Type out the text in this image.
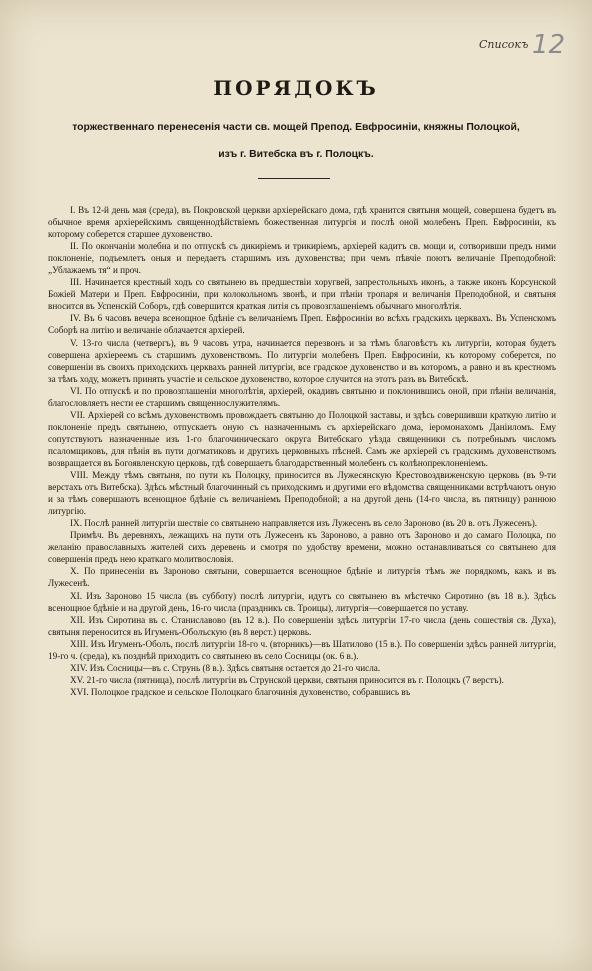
Списокъ 12
ПОРЯДОКЪ
торжественнаго перенесенія части св. мощей Препод. Евфросиніи, княжны Полоцкой,
изъ г. Витебска въ г. Полоцкъ.

I. Въ 12-й день мая (среда), въ Покровской церкви архіерейскаго дома, гдѣ хранится святыня мощей, совершена будетъ въ обычное время архіерейскимъ священнодѣйствіемъ божественная литургія и послѣ оной молебенъ Преп. Евфросиніи, къ которому соберется старшее духовенство.

II. По окончаніи молебна и по отпускѣ съ дикиріемъ и трикиріемъ, архіерей кадитъ св. мощи и, сотворивши предъ ними поклоненіе, подъемлетъ оныя и передаетъ старшимъ изъ духовенства; при чемъ пѣвчіе поютъ величаніе Преподобной: „Ублажаемъ тя“ и проч.

III. Начинается крестный ходъ со святынею въ предшествіи хоругвей, запрестольныхъ иконъ, а также иконъ Корсунской Божіей Матери и Преп. Евфросиніи, при колокольномъ звонѣ, и при пѣніи тропаря и величанія Преподобной, и святыня вносится въ Успенскій Соборъ, гдѣ совершится краткая литія съ провозглашеніемъ обычнаго многолѣтія.

IV. Въ 6 часовъ вечера всенощное бдѣніе съ величаніемъ Преп. Евфросиніи во всѣхъ градскихъ церквахъ. Въ Успенскомъ Соборѣ на литію и величаніе облачается архіерей.

V. 13-го числа (четвергъ), въ 9 часовъ утра, начинается перезвонъ и за тѣмъ благовѣстъ къ литургіи, которая будетъ совершена архіереемъ съ старшимъ духовенствомъ. По литургіи молебенъ Преп. Евфросиніи, къ которому соберется, по совершеніи въ своихъ приходскихъ церквахъ ранней литургіи, все градское духовенство и въ которомъ, а равно и въ крестномъ за тѣмъ ходу, можетъ принять участіе и сельское духовенство, которое случится на этотъ разъ въ Витебскѣ.

VI. По отпускѣ и по провозглашеніи многолѣтія, архіерей, окадивъ святыню и поклонившись оной, при пѣніи величанія, благословляетъ нести ее старшимъ священнослужителямъ.

VII. Архіерей со всѣмъ духовенствомъ провождаетъ святыню до Полоцкой заставы, и здѣсь совершивши краткую литію и поклоненіе предъ святынею, отпускаетъ оную съ назначеннымъ съ архіерейскаго дома, іеромонахомъ Даніиломъ. Ему сопутствуютъ назначенные изъ 1-го благочиническаго округа Витебскаго уѣзда священники съ потребнымъ числомъ псаломщиковъ, для пѣнія въ пути догматиковъ и другихъ церковныхъ пѣсней. Самъ же архіерей съ градскимъ духовенствомъ возвращается въ Богоявленскую церковь, гдѣ совершаетъ благодарственный молебенъ съ колѣнопреклоненіемъ.

VIII. Между тѣмъ святыня, по пути къ Полоцку, приносится въ Лужесянскую Крестовоздвиженскую церковь (въ 9-ти верстахъ отъ Витебска). Здѣсь мѣстный благочинный съ приходскимъ и другими его вѣдомства священниками встрѣчаютъ оную и за тѣмъ совершаютъ всенощное бдѣніе съ величаніемъ Преподобной; а на другой день (14-го числа, въ пятницу) раннюю литургію.

IX. Послѣ ранней литургіи шествіе со святынею направляется изъ Лужесенъ въ село Зароново (въ 20 в. отъ Лужесенъ).

Примѣч. Въ деревняхъ, лежащихъ на пути отъ Лужесенъ къ Зароново, а равно отъ Зароново и до самаго Полоцка, по желанію православныхъ жителей сихъ деревень и смотря по удобству времени, можно останавливаться со святынею для совершенія предъ нею краткаго молитвословія.

X. По принесеніи въ Зароново святыни, совершается всенощное бдѣніе и литургія тѣмъ же порядкомъ, какъ и въ Лужесенѣ.

XI. Изъ Зароново 15 числа (въ субботу) послѣ литургіи, идутъ со святынею въ мѣстечко Сиротино (въ 18 в.). Здѣсь всенощное бдѣніе и на другой день, 16-го числа (праздникъ св. Троицы), литургія—совершается по уставу.

XII. Изъ Сиротина въ с. Станиславово (въ 12 в.). По совершеніи здѣсь литургіи 17-го числа (день сошествія св. Духа), святыня переносится въ Игуменъ-Оболъскую (въ 8 верст.) церковь.

XIII. Изъ Игуменъ-Оболъ, послѣ литургіи 18-го ч. (вторникъ)—въ Шатилово (15 в.). По совершеніи здѣсь ранней литургіи, 19-го ч. (среда), къ позднѣй приходитъ со святынею въ село Сосницы (ок. 6 в.).

XIV. Изъ Сосницы—въ с. Струнь (8 в.). Здѣсь святыня остается до 21-го числа.

XV. 21-го числа (пятница), послѣ литургіи въ Струнской церкви, святыня приносится въ г. Полоцкъ (7 верстъ).

XVI. Полоцкое градское и сельское Полоцкаго благочинія духовенство, собравшись въ
